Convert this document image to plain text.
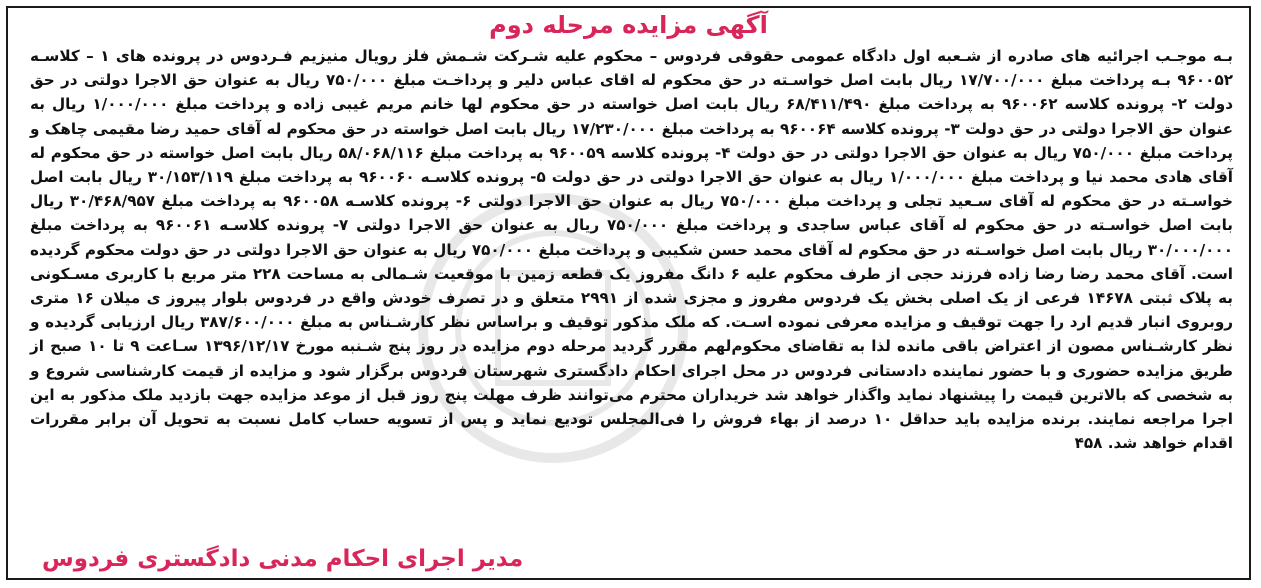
آگهی مزایده مرحله دوم
بـه موجـب اجرائیه های صادره از شـعبه اول دادگاه عمومی حقوقی فردوس – محکوم علیه شـرکت شـمش فلز رویال منیزیم فـردوس در پرونده های ۱ – کلاسـه ۹۶۰۰۵۲ بـه پرداخت مبلغ ۱۷/۷۰۰/۰۰۰ ریال بابت اصل خواسـته در حق محکوم له اقای عباس دلیر و پرداخـت مبلغ ۷۵۰/۰۰۰ ریال به عنوان حق الاجرا دولتی در حق دولت ۲- پرونده کلاسه ۹۶۰۰۶۲ به پرداخت مبلغ ۶۸/۴۱۱/۴۹۰ ریال بابت اصل خواسته در حق محکوم لها خانم مریم غیبی زاده و پرداخت مبلغ ۱/۰۰۰/۰۰۰ ریال به عنوان حق الاجرا دولتی در حق دولت ۳- پرونده کلاسه ۹۶۰۰۶۴ به پرداخت مبلغ ۱۷/۲۳۰/۰۰۰ ریال بابت اصل خواسته در حق محکوم له آقای حمید رضا مقیمی چاهک و پرداخت مبلغ ۷۵۰/۰۰۰ ریال به عنوان حق الاجرا دولتی در حق دولت ۴- پرونده کلاسه ۹۶۰۰۵۹ به پرداخت مبلغ ۵۸/۰۶۸/۱۱۶ ریال بابت اصل خواسته در حق محکوم له آقای هادی محمد نیا و پرداخت مبلغ ۱/۰۰۰/۰۰۰ ریال به عنوان حق الاجرا دولتی در حق دولت ۵- پرونده کلاسـه ۹۶۰۰۶۰ به پرداخت مبلغ ۳۰/۱۵۳/۱۱۹ ریال بابت اصل خواسـته در حق محکوم له آقای سـعید تجلی و پرداخت مبلغ ۷۵۰/۰۰۰ ریال به عنوان حق الاجرا دولتی ۶- پرونده کلاسـه ۹۶۰۰۵۸ به پرداخت مبلغ ۳۰/۴۶۸/۹۵۷ ریال بابت اصل خواسـته در حق محکوم له آقای عباس ساجدی و پرداخت مبلغ ۷۵۰/۰۰۰ ریال به عنوان حق الاجرا دولتی ۷- پرونده کلاسـه ۹۶۰۰۶۱ به پرداخت مبلغ ۳۰/۰۰۰/۰۰۰ ریال بابت اصل خواسـته در حق محکوم له آقای محمد حسن شکیبی و پرداخت مبلغ ۷۵۰/۰۰۰ ریال به عنوان حق الاجرا دولتی در حق دولت محکوم گردیده است. آقای محمد رضا رضا زاده فرزند حجی از طرف محکوم علیه ۶ دانگ مفروز یک قطعه زمین با موقعیت شـمالی به مساحت ۲۲۸ متر مربع با کاربری مسـکونی به پلاک ثبتی ۱۴۶۷۸ فرعی از یک اصلی بخش یک فردوس مفروز و مجزی شده از ۲۹۹۱ متعلق و در تصرف خودش واقع در فردوس بلوار پیروز ی میلان ۱۶ متری روبروی انبار قدیم ارد را جهت توقیف و مزایده معرفی نموده اسـت. که ملک مذکور توقیف و براساس نظر کارشـناس به مبلغ ۳۸۷/۶۰۰/۰۰۰ ریال ارزیابی گردیده و نظر کارشـناس مصون از اعتراض باقی مانده لذا به تقاضای محکوم‌لهم مقرر گردید مرحله دوم مزایده در روز پنج شـنبه مورخ ۱۳۹۶/۱۲/۱۷ سـاعت ۹ تا ۱۰ صبح از طریق مزایده حضوری و با حضور نماینده دادستانی فردوس در محل اجرای احکام دادگستری شهرستان فردوس برگزار شود و مزایده از قیمت کارشناسی شروع و به شخصی که بالاترین قیمت را پیشنهاد نماید واگذار خواهد شد خریداران محترم می‌توانند ظرف مهلت پنج روز قبل از موعد مزایده جهت بازدید ملک مذکور به این اجرا مراجعه نمایند. برنده مزایده باید حداقل ۱۰ درصد از بهاء فروش را فی‌المجلس تودیع نماید و پس از تسویه حساب کامل نسبت به تحویل آن برابر مقررات اقدام خواهد شد. ۴۵۸
مدیر اجرای احکام مدنی دادگستری فردوس
